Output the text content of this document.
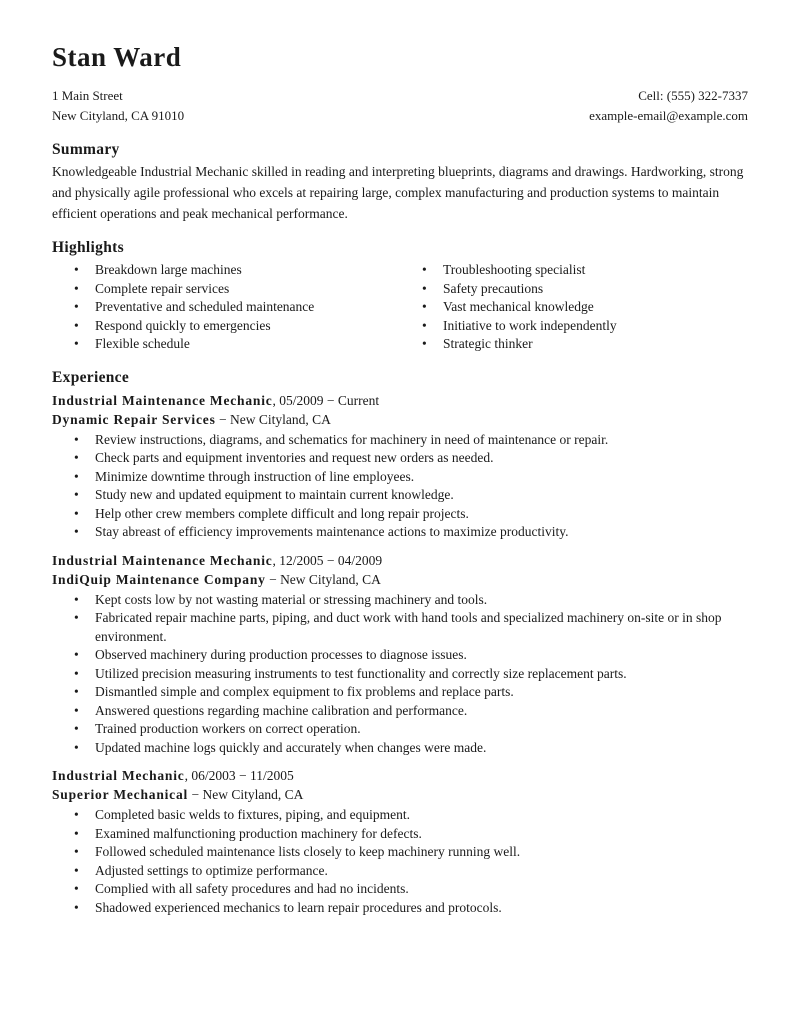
Stan Ward
1 Main Street
New Cityland, CA 91010
Cell: (555) 322-7337
example-email@example.com
Summary

Knowledgeable Industrial Mechanic skilled in reading and interpreting blueprints, diagrams and drawings. Hardworking, strong and physically agile professional who excels at repairing large, complex manufacturing and production systems to maintain efficient operations and peak mechanical performance.

Highlights
• Breakdown large machines
• Complete repair services
• Preventative and scheduled maintenance
• Respond quickly to emergencies
• Flexible schedule
• Troubleshooting specialist
• Safety precautions
• Vast mechanical knowledge
• Initiative to work independently
• Strategic thinker
Experience
Industrial Maintenance Mechanic, 05/2009 − Current
Dynamic Repair Services − New Cityland, CA
• Review instructions, diagrams, and schematics for machinery in need of maintenance or repair.
• Check parts and equipment inventories and request new orders as needed.
• Minimize downtime through instruction of line employees.
• Study new and updated equipment to maintain current knowledge.
• Help other crew members complete difficult and long repair projects.
• Stay abreast of efficiency improvements maintenance actions to maximize productivity.
Industrial Maintenance Mechanic, 12/2005 − 04/2009
IndiQuip Maintenance Company − New Cityland, CA
• Kept costs low by not wasting material or stressing machinery and tools.
• Fabricated repair machine parts, piping, and duct work with hand tools and specialized machinery on-site or in shop environment.
• Observed machinery during production processes to diagnose issues.
• Utilized precision measuring instruments to test functionality and correctly size replacement parts.
• Dismantled simple and complex equipment to fix problems and replace parts.
• Answered questions regarding machine calibration and performance.
• Trained production workers on correct operation.
• Updated machine logs quickly and accurately when changes were made.
Industrial Mechanic, 06/2003 − 11/2005
Superior Mechanical − New Cityland, CA
• Completed basic welds to fixtures, piping, and equipment.
• Examined malfunctioning production machinery for defects.
• Followed scheduled maintenance lists closely to keep machinery running well.
• Adjusted settings to optimize performance.
• Complied with all safety procedures and had no incidents.
• Shadowed experienced mechanics to learn repair procedures and protocols.
